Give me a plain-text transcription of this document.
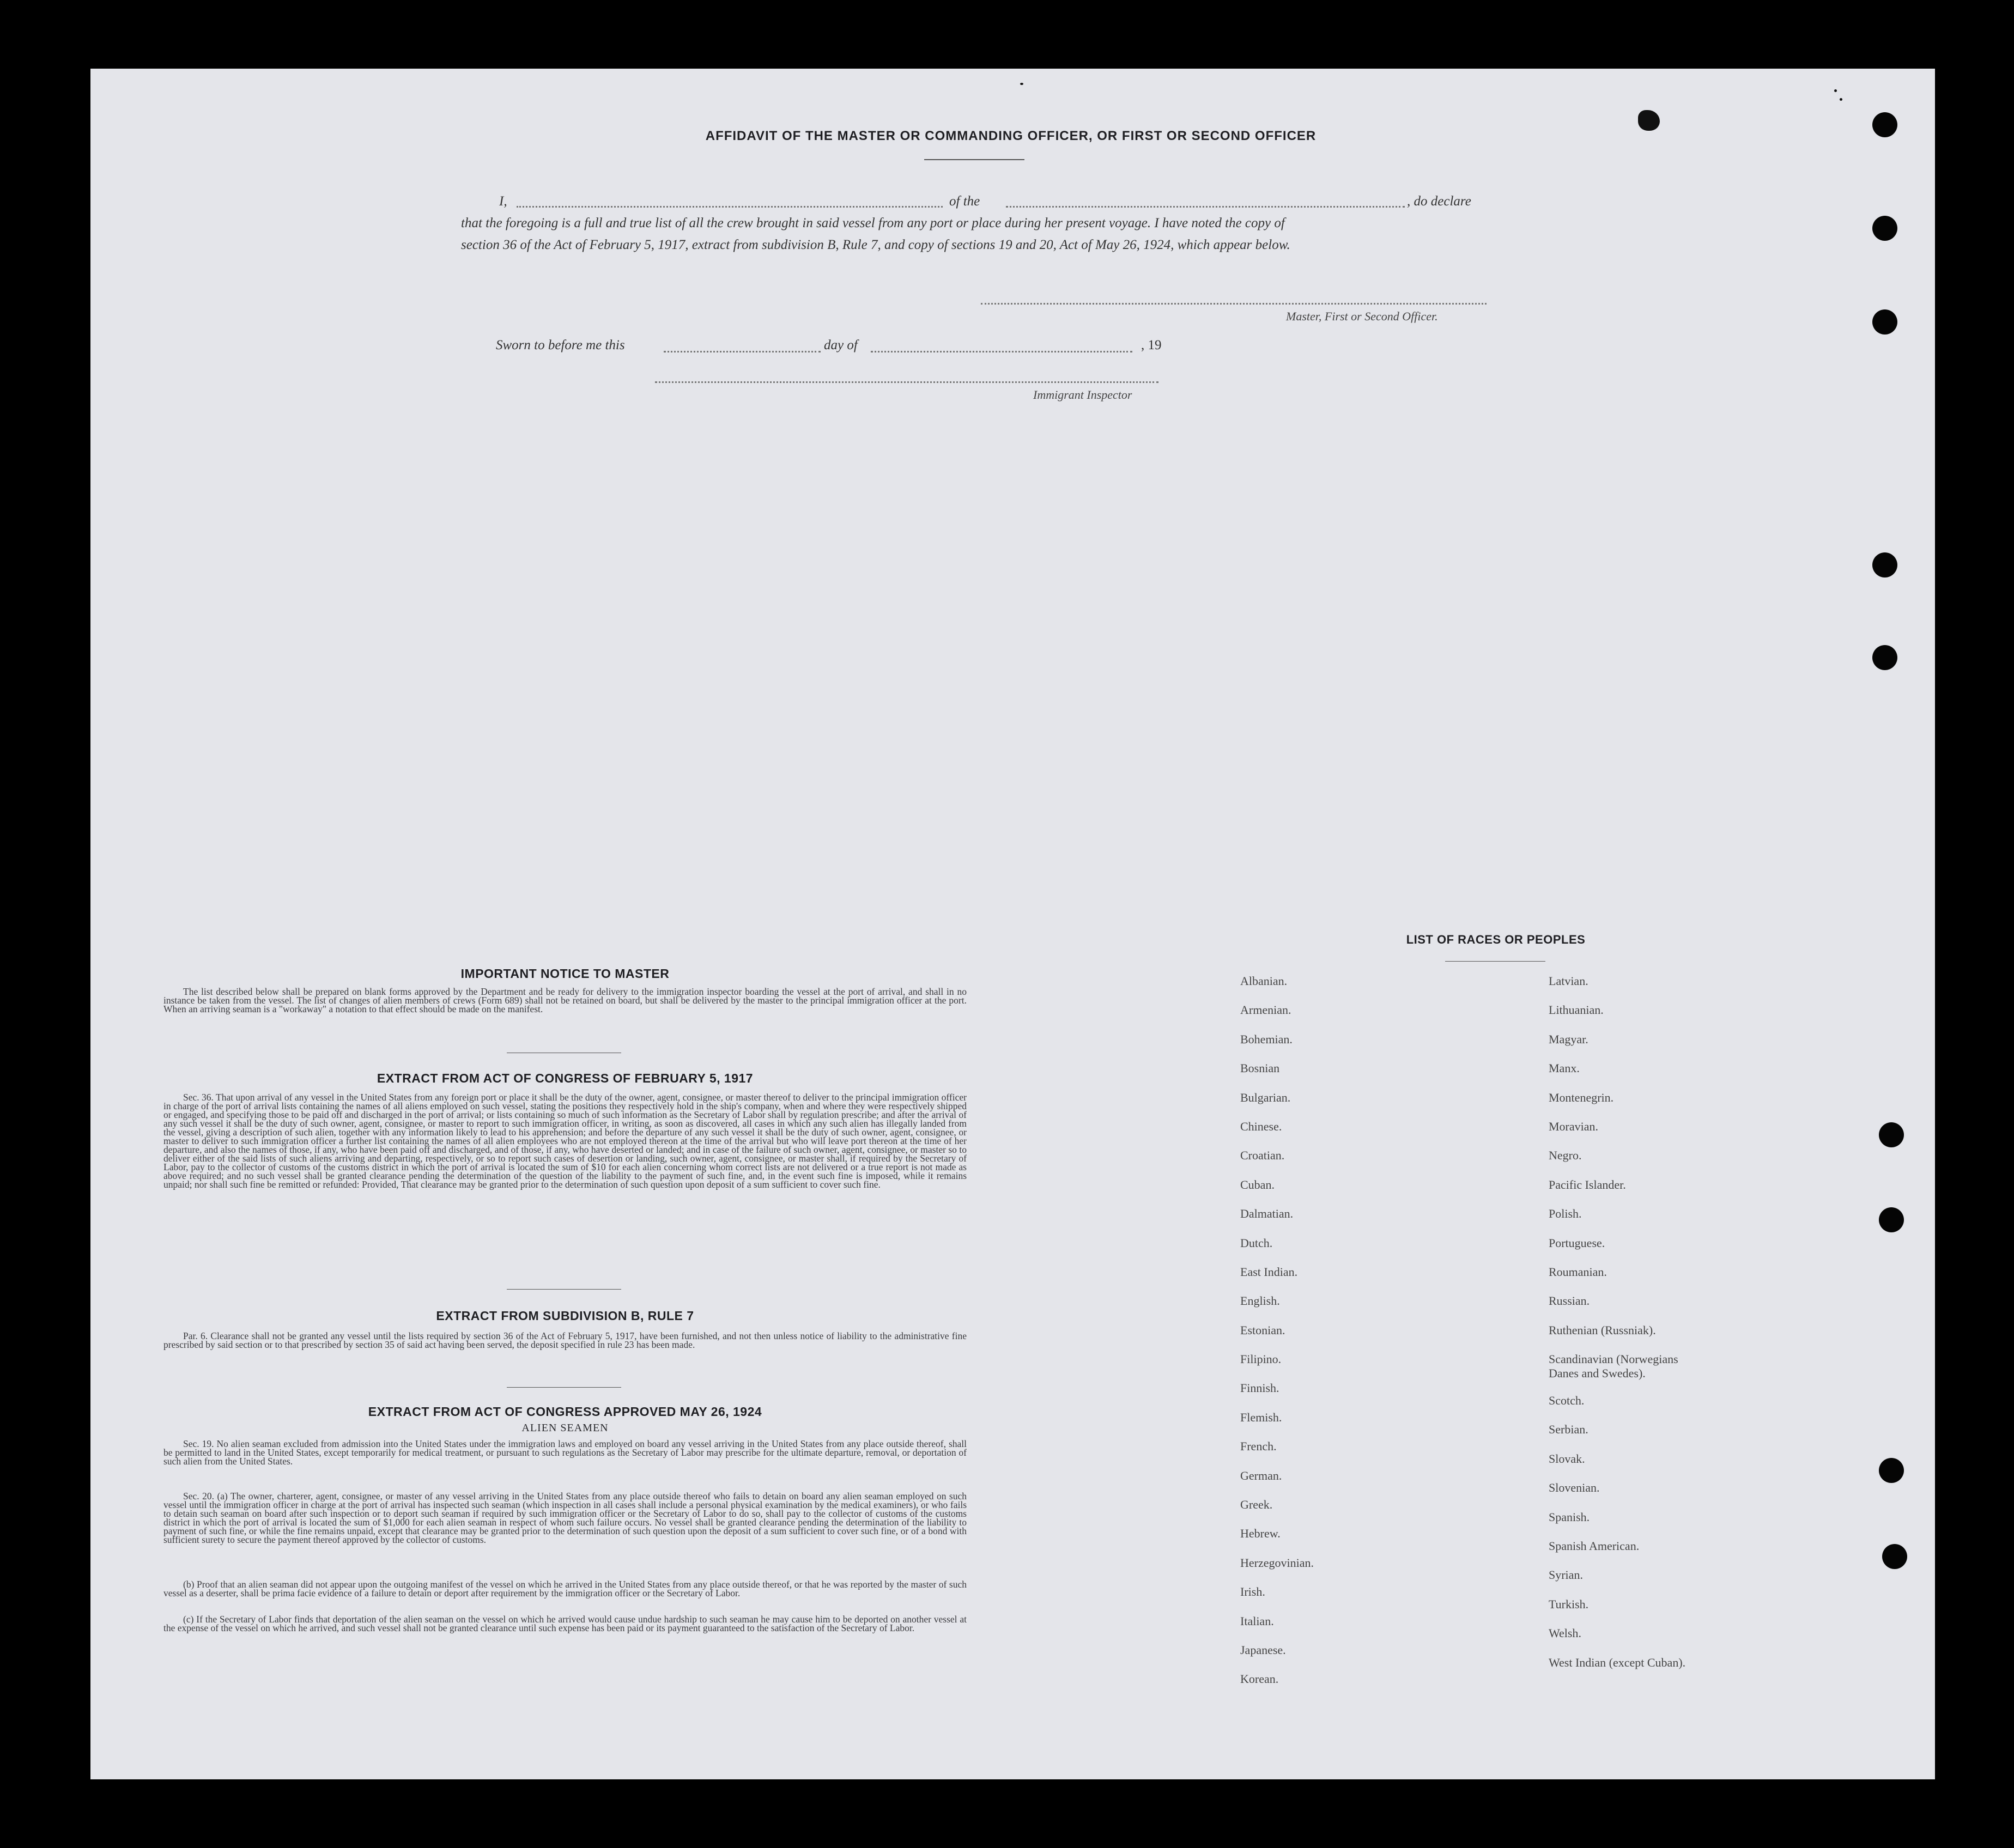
AFFIDAVIT OF THE MASTER OR COMMANDING OFFICER, OR FIRST OR SECOND OFFICER
I,	of the	, do declare
that the foregoing is a full and true list of all the crew brought in said vessel from any port or place during her present voyage. I have noted the copy of
section 36 of the Act of February 5, 1917, extract from subdivision B, Rule 7, and copy of sections 19 and 20, Act of May 26, 1924, which appear below.
Master, First or Second Officer.
Sworn to before me this	day of	, 19
Immigrant Inspector
IMPORTANT NOTICE TO MASTER
The list described below shall be prepared on blank forms approved by the Department and be ready for delivery to the immigration inspector boarding the vessel at the port of arrival, and shall in no instance be taken from the vessel. The list of changes of alien members of crews (Form 689) shall not be retained on board, but shall be delivered by the master to the principal immigration officer at the port. When an arriving seaman is a "workaway" a notation to that effect should be made on the manifest.
EXTRACT FROM ACT OF CONGRESS OF FEBRUARY 5, 1917
Sec. 36. That upon arrival of any vessel in the United States from any foreign port or place it shall be the duty of the owner, agent, consignee, or master thereof to deliver to the principal immigration officer in charge of the port of arrival lists containing the names of all aliens employed on such vessel, stating the positions they respectively hold in the ship's company, when and where they were respectively shipped or engaged, and specifying those to be paid off and discharged in the port of arrival; or lists containing so much of such information as the Secretary of Labor shall by regulation prescribe; and after the arrival of any such vessel it shall be the duty of such owner, agent, consignee, or master to report to such immigration officer, in writing, as soon as discovered, all cases in which any such alien has illegally landed from the vessel, giving a description of such alien, together with any information likely to lead to his apprehension; and before the departure of any such vessel it shall be the duty of such owner, agent, consignee, or master to deliver to such immigration officer a further list containing the names of all alien employees who are not employed thereon at the time of the arrival but who will leave port thereon at the time of her departure, and also the names of those, if any, who have been paid off and discharged, and of those, if any, who have deserted or landed; and in case of the failure of such owner, agent, consignee, or master so to deliver either of the said lists of such aliens arriving and departing, respectively, or so to report such cases of desertion or landing, such owner, agent, consignee, or master shall, if required by the Secretary of Labor, pay to the collector of customs of the customs district in which the port of arrival is located the sum of $10 for each alien concerning whom correct lists are not delivered or a true report is not made as above required; and no such vessel shall be granted clearance pending the determination of the question of the liability to the payment of such fine, and, in the event such fine is imposed, while it remains unpaid; nor shall such fine be remitted or refunded: Provided, That clearance may be granted prior to the determination of such question upon deposit of a sum sufficient to cover such fine.
EXTRACT FROM SUBDIVISION B, RULE 7
Par. 6. Clearance shall not be granted any vessel until the lists required by section 36 of the Act of February 5, 1917, have been furnished, and not then unless notice of liability to the administrative fine prescribed by said section or to that prescribed by section 35 of said act having been served, the deposit specified in rule 23 has been made.
EXTRACT FROM ACT OF CONGRESS APPROVED MAY 26, 1924
ALIEN SEAMEN
Sec. 19. No alien seaman excluded from admission into the United States under the immigration laws and employed on board any vessel arriving in the United States from any place outside thereof, shall be permitted to land in the United States, except temporarily for medical treatment, or pursuant to such regulations as the Secretary of Labor may prescribe for the ultimate departure, removal, or deportation of such alien from the United States.
Sec. 20. (a) The owner, charterer, agent, consignee, or master of any vessel arriving in the United States from any place outside thereof who fails to detain on board any alien seaman employed on such vessel until the immigration officer in charge at the port of arrival has inspected such seaman (which inspection in all cases shall include a personal physical examination by the medical examiners), or who fails to detain such seaman on board after such inspection or to deport such seaman if required by such immigration officer or the Secretary of Labor to do so, shall pay to the collector of customs of the customs district in which the port of arrival is located the sum of $1,000 for each alien seaman in respect of whom such failure occurs. No vessel shall be granted clearance pending the determination of the liability to payment of such fine, or while the fine remains unpaid, except that clearance may be granted prior to the determination of such question upon the deposit of a sum sufficient to cover such fine, or of a bond with sufficient surety to secure the payment thereof approved by the collector of customs.
(b) Proof that an alien seaman did not appear upon the outgoing manifest of the vessel on which he arrived in the United States from any place outside thereof, or that he was reported by the master of such vessel as a deserter, shall be prima facie evidence of a failure to detain or deport after requirement by the immigration officer or the Secretary of Labor.
(c) If the Secretary of Labor finds that deportation of the alien seaman on the vessel on which he arrived would cause undue hardship to such seaman he may cause him to be deported on another vessel at the expense of the vessel on which he arrived, and such vessel shall not be granted clearance until such expense has been paid or its payment guaranteed to the satisfaction of the Secretary of Labor.
LIST OF RACES OR PEOPLES
Albanian.
Armenian.
Bohemian.
Bosnian
Bulgarian.
Chinese.
Croatian.
Cuban.
Dalmatian.
Dutch.
East Indian.
English.
Estonian.
Filipino.
Finnish.
Flemish.
French.
German.
Greek.
Hebrew.
Herzegovinian.
Irish.
Italian.
Japanese.
Korean.
Latvian.
Lithuanian.
Magyar.
Manx.
Montenegrin.
Moravian.
Negro.
Pacific Islander.
Polish.
Portuguese.
Roumanian.
Russian.
Ruthenian (Russniak).
Scandinavian (Norwegians
Danes and Swedes).
Scotch.
Serbian.
Slovak.
Slovenian.
Spanish.
Spanish American.
Syrian.
Turkish.
Welsh.
West Indian (except Cuban).
